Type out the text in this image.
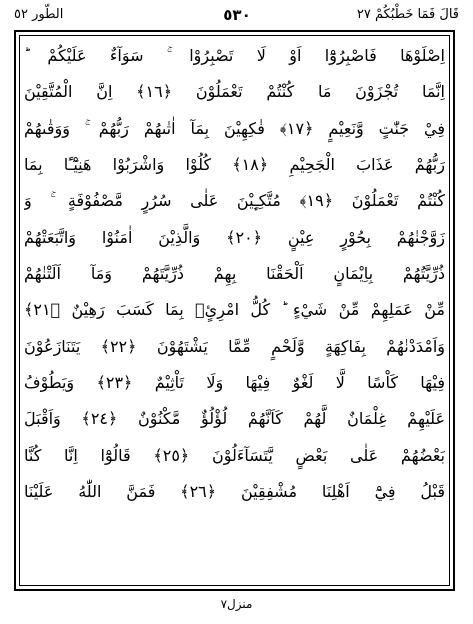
الطّور ٥٢	٥٣٠	قَالَ فَمَا خَطْبُكُمْ ٢٧
اِصْلَوْهَا فَاصْبِرُوْٓا اَوْ لَا تَصْبِرُوْا ۚ سَوَآءٌ عَلَيْكُمْ ؕ
اِنَّمَا تُجْزَوْنَ مَا كُنْتُمْ تَعْمَلُوْنَ ﴿١٦﴾ اِنَّ الْمُتَّقِيْنَ
فِيْ جَنّٰتٍ وَّنَعِيْمٍ ﴿١٧﴾ فٰكِهِيْنَ بِمَآ اٰتٰىهُمْ رَبُّهُمْ ۚ وَوَقٰىهُمْ
رَبُّهُمْ عَذَابَ الْجَحِيْمِ ﴿١٨﴾ كُلُوْا وَاشْرَبُوْا هَنِيْٓـًٔا بِمَا
كُنْتُمْ تَعْمَلُوْنَ ﴿١٩﴾ مُتَّكِـِٕيْنَ عَلٰى سُرُرٍ مَّصْفُوْفَةٍ ۚ وَ
زَوَّجْنٰهُمْ بِحُوْرٍ عِيْنٍ ﴿٢٠﴾ وَالَّذِيْنَ اٰمَنُوْا وَاتَّبَعَتْهُمْ
ذُرِّيَّتُهُمْ بِاِيْمَانٍ اَلْحَقْنَا بِهِمْ ذُرِّيَّتَهُمْ وَمَآ اَلَتْنٰهُمْ
مِّنْ عَمَلِهِمْ مِّنْ شَيْءٍ ؕ كُلُّ امْرِئٍۭ بِمَا كَسَبَ رَهِيْنٌ ﴿٢١﴾
وَاَمْدَدْنٰهُمْ بِفَاكِهَةٍ وَّلَحْمٍ مِّمَّا يَشْتَهُوْنَ ﴿٢٢﴾ يَتَنَازَعُوْنَ
فِيْهَا كَاْسًا لَّا لَغْوٌ فِيْهَا وَلَا تَاْثِيْمٌ ﴿٢٣﴾ وَيَطُوْفُ
عَلَيْهِمْ غِلْمَانٌ لَّهُمْ كَاَنَّهُمْ لُؤْلُؤٌ مَّكْنُوْنٌ ﴿٢٤﴾ وَاَقْبَلَ
بَعْضُهُمْ عَلٰى بَعْضٍ يَّتَسَآءَلُوْنَ ﴿٢٥﴾ قَالُوْٓا اِنَّا كُنَّا
قَبْلُ فِيْٓ اَهْلِنَا مُشْفِقِيْنَ ﴿٢٦﴾ فَمَنَّ اللّٰهُ عَلَيْنَا
منزل٧
